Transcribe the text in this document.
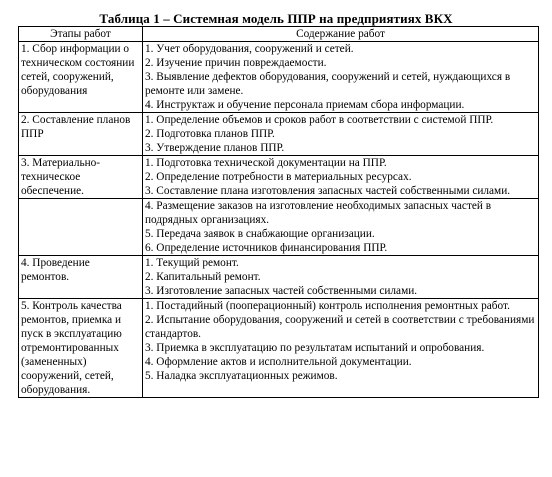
Таблица 1 – Системная модель ППР на предприятиях ВКХ
Этапы работ	Содержание работ
1. Сбор информации о техническом состоянии сетей, сооружений, оборудования	1. Учет оборудования, сооружений и сетей.
2. Изучение причин повреждаемости.
3. Выявление дефектов оборудования, сооружений и сетей, нуждающихся в ремонте или замене.
4. Инструктаж и обучение персонала приемам сбора информации.

2. Составление планов ППР	1. Определение объемов и сроков работ в соответствии с системой ППР.
2. Подготовка планов ППР.
3. Утверждение планов ППР.

3. Материально-техническое обеспечение.	1. Подготовка технической документации на ППР.
2. Определение потребности в материальных ресурсах.
3. Составление плана изготовления запасных частей собственными силами.

	4. Размещение заказов на изготовление необходимых запасных частей в подрядных организациях.
5. Передача заявок в снабжающие организации.
6. Определение источников финансирования ППР.

4. Проведение ремонтов.	1. Текущий ремонт.
2. Капитальный ремонт.
3. Изготовление запасных частей собственными силами.

5. Контроль качества ремонтов, приемка и пуск в эксплуатацию отремонтированных (замененных) сооружений, сетей, оборудования.	1. Постадийный (пооперационный) контроль исполнения ремонтных работ.
2. Испытание оборудования, сооружений и сетей в соответствии с требованиями стандартов.
3. Приемка в эксплуатацию по результатам испытаний и опробования.
4. Оформление актов и исполнительной документации.
5. Наладка эксплуатационных режимов.
